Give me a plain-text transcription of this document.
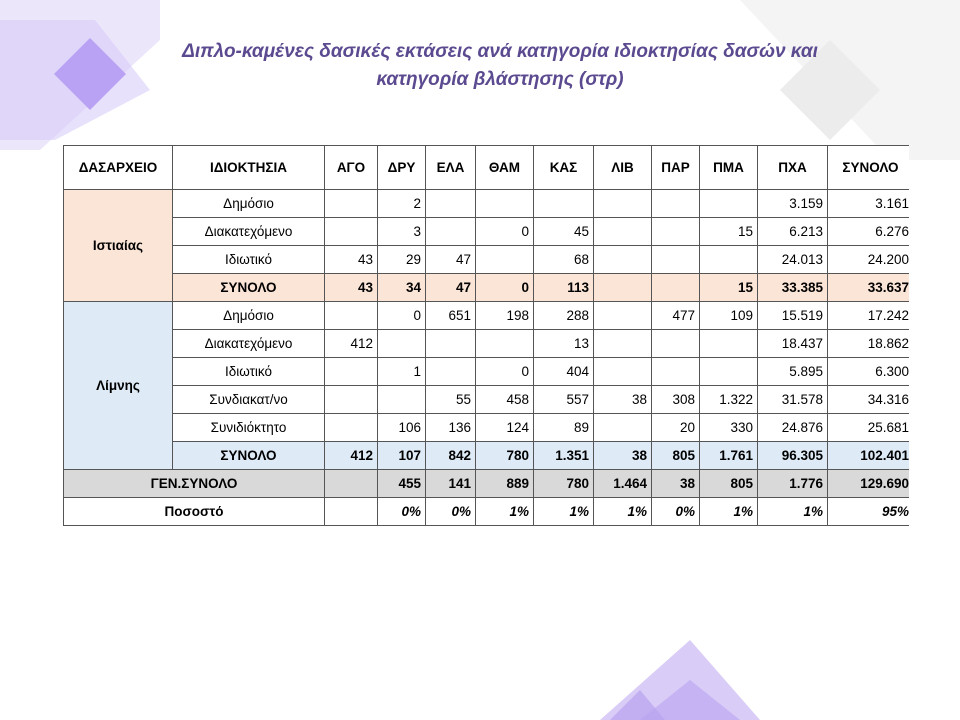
Διπλο-καμένες δασικές εκτάσεις ανά κατηγορία ιδιοκτησίας δασών και
κατηγορία βλάστησης (στρ)
ΔΑΣΑΡΧΕΙΟ	ΙΔΙΟΚΤΗΣΙΑ	ΑΓΟ	ΔΡΥ	ΕΛΑ	ΘΑΜ	ΚΑΣ	ΛΙΒ	ΠΑΡ	ΠΜΑ	ΠΧΑ	ΣΥΝΟΛΟ
Ιστιαίας	Δημόσιο		2							3.159	3.161
	Διακατεχόμενο		3		0	45			15	6.213	6.276
	Ιδιωτικό	43	29	47		68				24.013	24.200
	ΣΥΝΟΛΟ	43	34	47	0	113			15	33.385	33.637
Λίμνης	Δημόσιο		0	651	198	288		477	109	15.519	17.242
	Διακατεχόμενο	412				13				18.437	18.862
	Ιδιωτικό		1		0	404				5.895	6.300
	Συνδιακατ/νο			55	458	557	38	308	1.322	31.578	34.316
	Συνιδιόκτητο		106	136	124	89		20	330	24.876	25.681
	ΣΥΝΟΛΟ	412	107	842	780	1.351	38	805	1.761	96.305	102.401
ΓΕΝ.ΣΥΝΟΛΟ			455	141	889	780	1.464	38	805	1.776	129.690
Ποσοστό			0%	0%	1%	1%	1%	0%	1%	1%	95%
